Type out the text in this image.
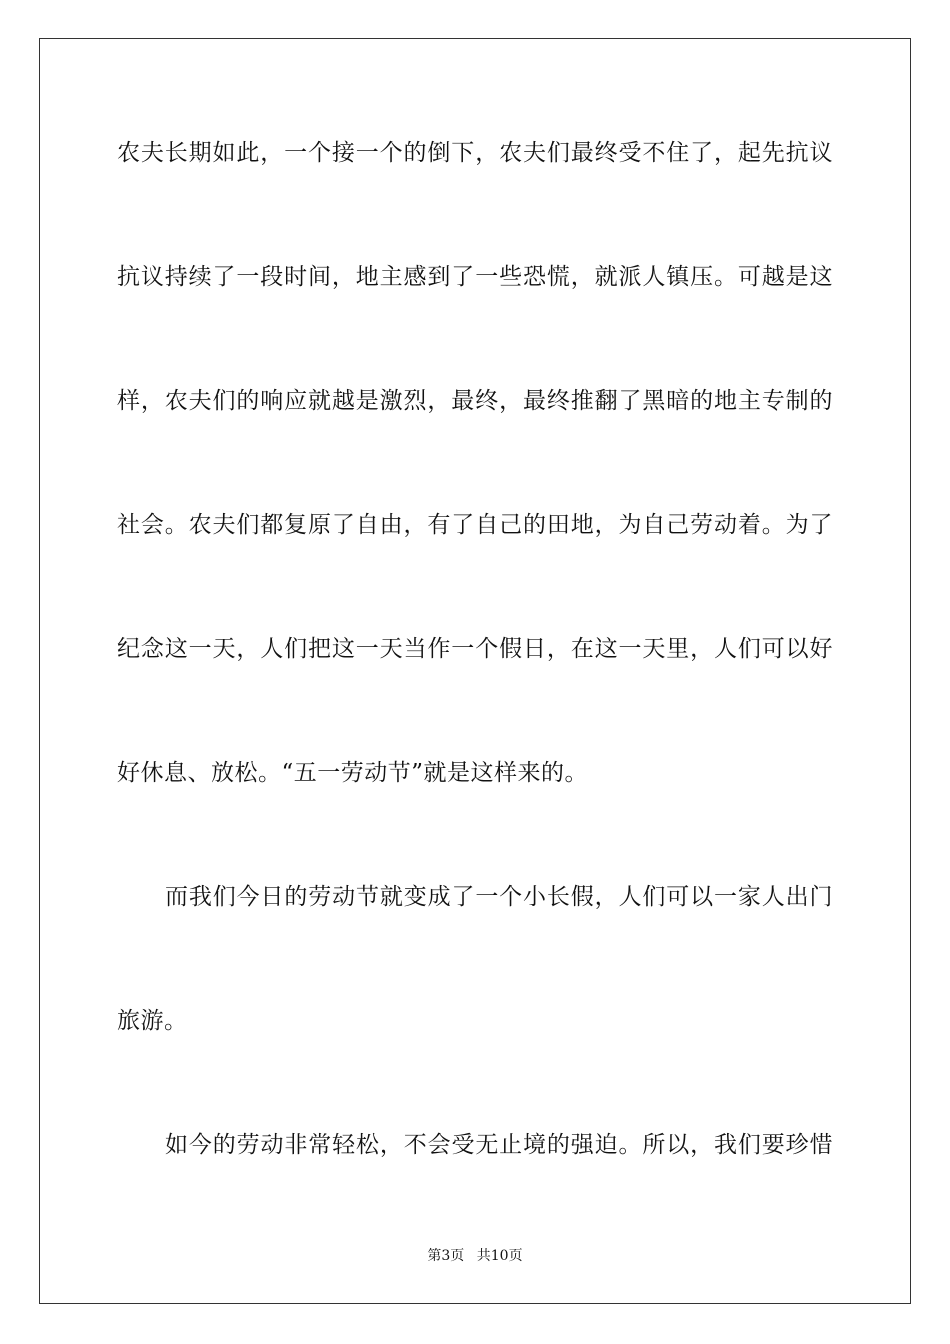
农夫长期如此，一个接一个的倒下，农夫们最终受不住了，起先抗议
抗议持续了一段时间，地主感到了一些恐慌，就派人镇压。可越是这
样，农夫们的响应就越是激烈，最终，最终推翻了黑暗的地主专制的
社会。农夫们都复原了自由，有了自己的田地，为自己劳动着。为了
纪念这一天，人们把这一天当作一个假日，在这一天里，人们可以好
好休息、放松。“五一劳动节”就是这样来的。
而我们今日的劳动节就变成了一个小长假，人们可以一家人出门
旅游。
如今的劳动非常轻松，不会受无止境的强迫。所以，我们要珍惜
第3页 共10页
